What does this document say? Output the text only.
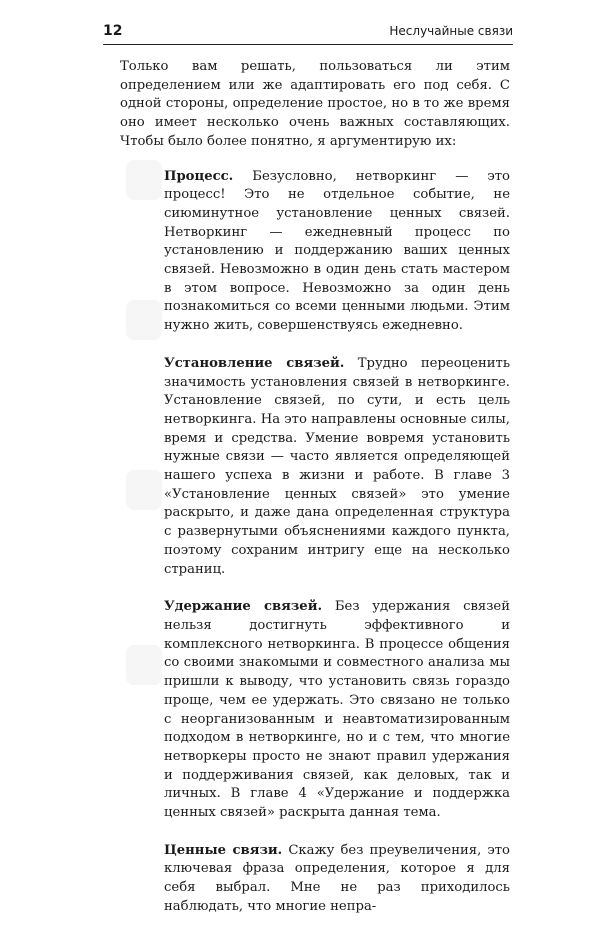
12	Неслучайные связи

Только вам решать, пользоваться ли этим определением или же адаптировать его под себя. С одной стороны, определение простое, но в то же время оно имеет несколько очень важных составляющих. Чтобы было более понятно, я аргументирую их:

Процесс. Безусловно, нетворкинг — это процесс! Это не отдельное событие, не сиюминутное установление ценных связей. Нетворкинг — ежедневный процесс по установлению и поддержанию ваших ценных связей. Невозможно в один день стать мастером в этом вопросе. Невозможно за один день познакомиться со всеми ценными людьми. Этим нужно жить, совершенствуясь ежедневно.

Установление связей. Трудно переоценить значимость установления связей в нетворкинге. Установление связей, по сути, и есть цель нетворкинга. На это направлены основные силы, время и средства. Умение вовремя установить нужные связи — часто является определяющей нашего успеха в жизни и работе. В главе 3 «Установление ценных связей» это умение раскрыто, и даже дана определенная структура с развернутыми объяснениями каждого пункта, поэтому сохраним интригу еще на несколько страниц.

Удержание связей. Без удержания связей нельзя достигнуть эффективного и комплексного нетворкинга. В процессе общения со своими знакомыми и совместного анализа мы пришли к выводу, что установить связь гораздо проще, чем ее удержать. Это связано не только с неорганизованным и неавтоматизированным подходом в нетворкинге, но и с тем, что многие нетворкеры просто не знают правил удержания и поддерживания связей, как деловых, так и личных. В главе 4 «Удержание и поддержка ценных связей» раскрыта данная тема.

Ценные связи. Скажу без преувеличения, это ключевая фраза определения, которое я для себя выбрал. Мне не раз приходилось наблюдать, что многие непра-
